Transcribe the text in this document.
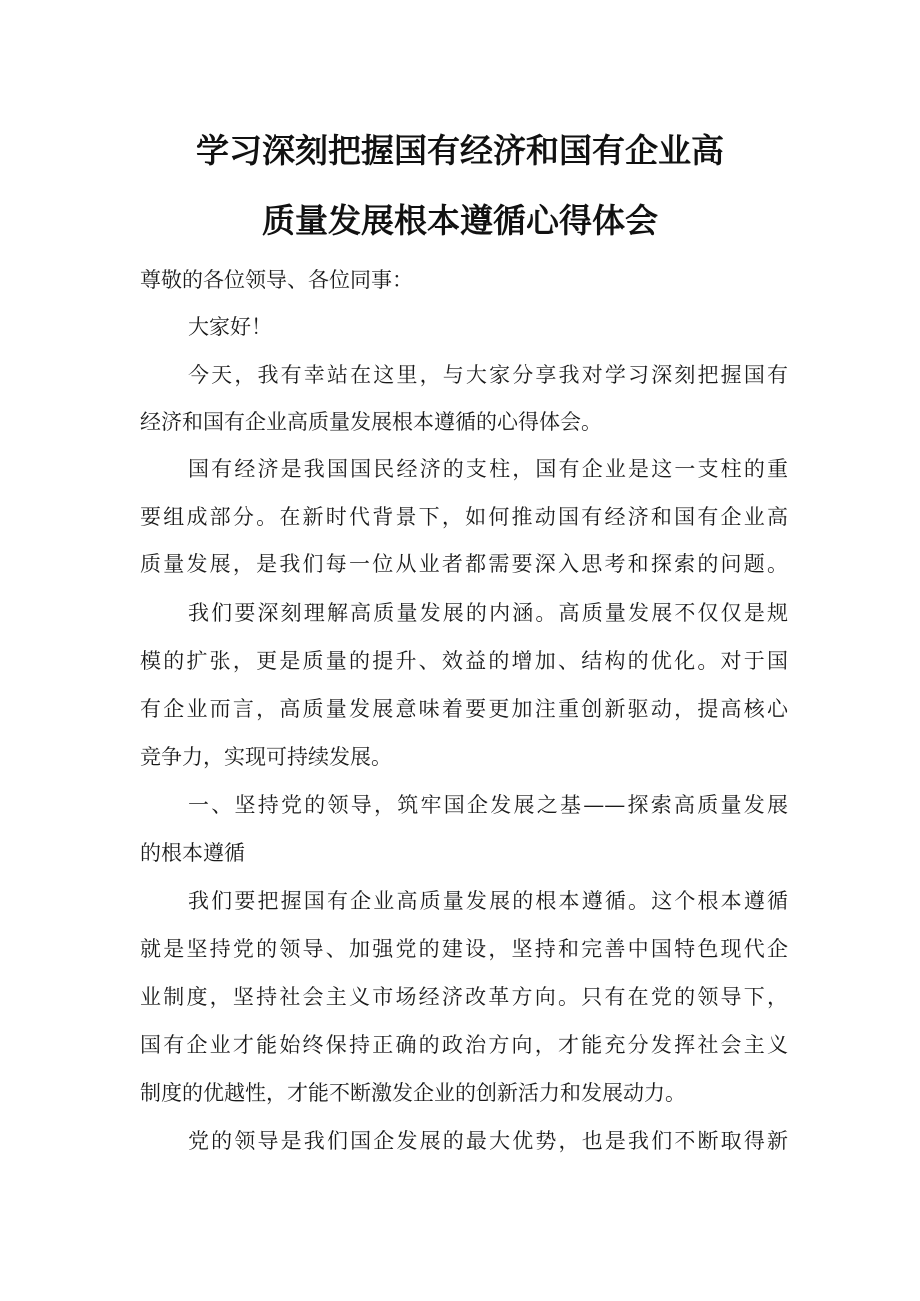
学习深刻把握国有经济和国有企业高
质量发展根本遵循心得体会
尊敬的各位领导、各位同事：
大家好！
今天，我有幸站在这里，与大家分享我对学习深刻把握国有
经济和国有企业高质量发展根本遵循的心得体会。
国有经济是我国国民经济的支柱，国有企业是这一支柱的重
要组成部分。在新时代背景下，如何推动国有经济和国有企业高
质量发展，是我们每一位从业者都需要深入思考和探索的问题。
我们要深刻理解高质量发展的内涵。高质量发展不仅仅是规
模的扩张，更是质量的提升、效益的增加、结构的优化。对于国
有企业而言，高质量发展意味着要更加注重创新驱动，提高核心
竞争力，实现可持续发展。
一、坚持党的领导，筑牢国企发展之基——探索高质量发展
的根本遵循
我们要把握国有企业高质量发展的根本遵循。这个根本遵循
就是坚持党的领导、加强党的建设，坚持和完善中国特色现代企
业制度，坚持社会主义市场经济改革方向。只有在党的领导下，
国有企业才能始终保持正确的政治方向，才能充分发挥社会主义
制度的优越性，才能不断激发企业的创新活力和发展动力。
党的领导是我们国企发展的最大优势，也是我们不断取得新
